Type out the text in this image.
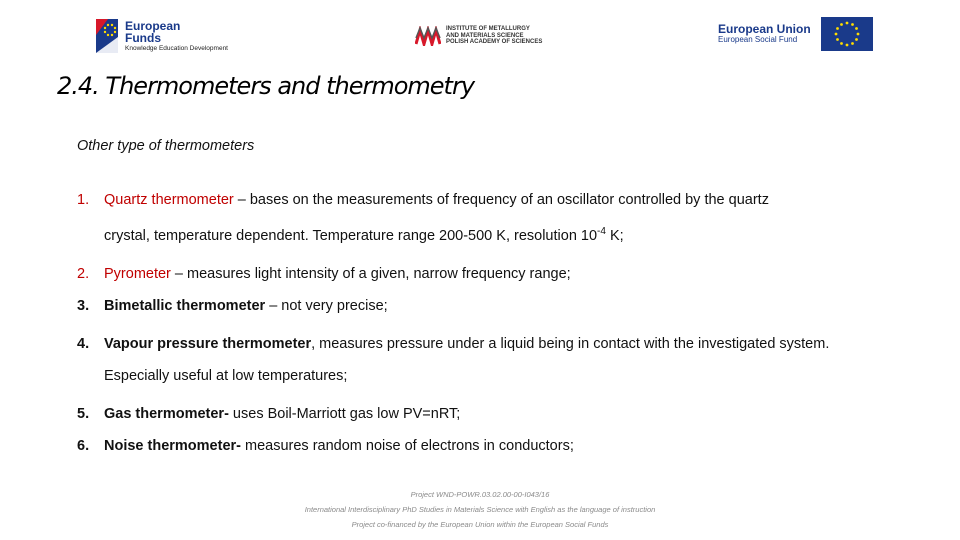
European
Funds
Knowledge Education Development
INSTITUTE OF METALLURGY
AND MATERIALS SCIENCE
POLISH ACADEMY OF SCIENCES
European Union
European Social Fund
2.4. Thermometers and thermometry

Other type of thermometers

1.	Quartz thermometer – bases on the measurements of frequency of an oscillator controlled by the quartz
crystal, temperature dependent. Temperature range 200-500 K, resolution $10^{-4}$ K;
2.	Pyrometer – measures light intensity of a given, narrow frequency range;
3.	Bimetallic thermometer – not very precise;
4.	Vapour pressure thermometer, measures pressure under a liquid being in contact with the investigated system.
Especially useful at low temperatures;
5.	Gas thermometer- uses Boil-Marriott gas low PV=nRT;
6.	Noise thermometer- measures random noise of electrons in conductors;
Project WND-POWR.03.02.00-00-I043/16
International Interdisciplinary PhD Studies in Materials Science with English as the language of instruction
Project co-financed by the European Union within the European Social Funds
